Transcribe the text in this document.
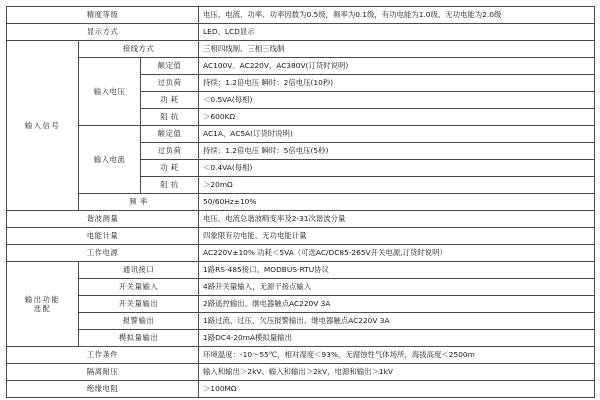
精度等级			电压、电流、功率、功率因数为0.5级，频率为0.1级，有功电能为1.0级、无功电能为2.0级
显示方式			LED、LCD显示
输入信号	接线方式		三相四线制、三相三线制
	输入电压	额定值	AC100V、AC220V、AC380V(订货时说明)
		过负荷	持续：1.2倍电压 瞬时：2倍电压(10秒)
		功 耗	＜0.5VA(每相)
		阻 抗	＞600KΩ
	输入电流	额定值	AC1A、AC5A(订货时说明)
		过负荷	持续：1.2倍电压 瞬时：5倍电压(5秒)
		功 耗	＜0.4VA(每相)
		阻 抗	＞20mΩ
	频 率		50/60Hz±10%
谐波测量			电压、电流总谐波畸变率及2-31次谐波分量
电能计量			四象限有功电能、无功电能计量
工作电源			AC220V±10% 功耗＜5VA（可选AC/DC85-265V开关电源,订货时说明）

输出功能
选配	通讯接口		1路RS-485接口、MODBUS-RTU协议
	开关量输入		4路开关量输入，无源干接点输入
	开关量输出		2路遥控输出、继电器触点AC220V 3A
	报警输出		1路过流、过压、欠压报警输出、继电器触点AC220V 3A
	模拟量输出		1路DC4-20mA模拟量输出
工作条件			环境温度：-10～55℃，相对湿度＜93%，无腐蚀性气体场所，海拔高度＜2500m
隔离耐压			输入和输出＞2kV、输入和输出＞2kV，电源和输出＞1kV
绝缘电阻			＞100MΩ
